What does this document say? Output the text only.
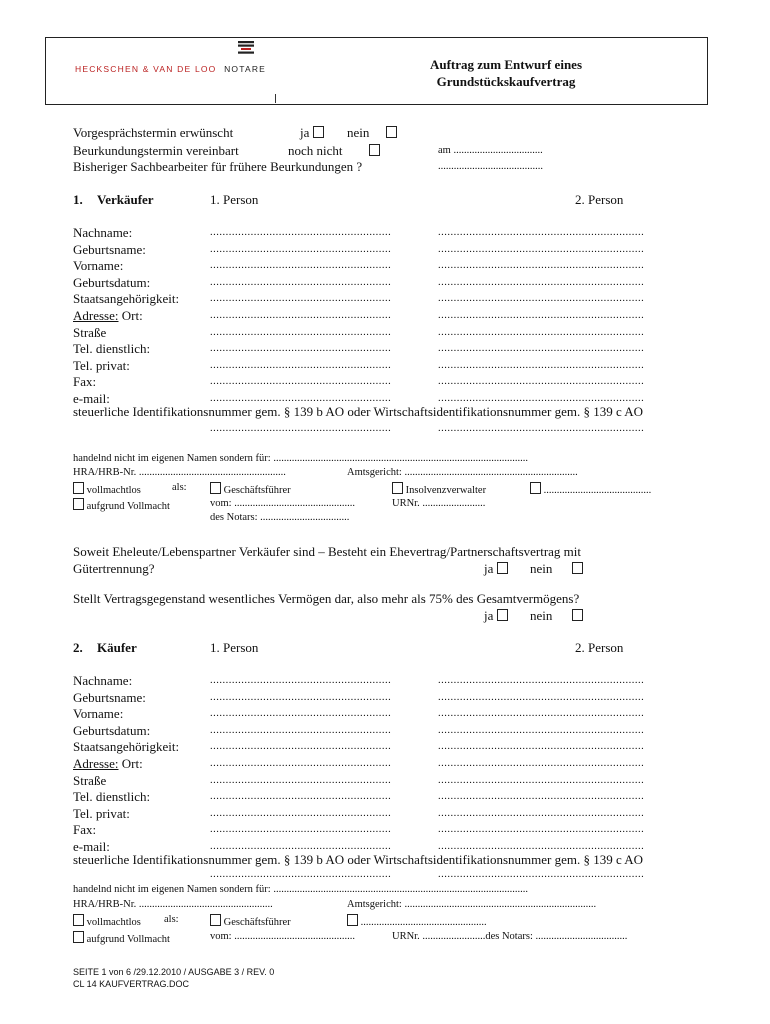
HECKSCHEN & VAN DE LOO NOTARE	Auftrag zum Entwurf eines
Grundstückskaufvertrag
Vorgesprächstermin erwünscht	ja	nein
Beurkundungstermin vereinbart	noch nicht	am ..................................
Bisheriger Sachbearbeiter für frühere Beurkundungen ?	........................................
1. Verkäufer	1. Person	2. Person
Nachname:	..........................................................	..................................................................
Geburtsname:	..........................................................	..................................................................
Vorname:	..........................................................	..................................................................
Geburtsdatum:	..........................................................	..................................................................
Staatsangehörigkeit:	..........................................................	..................................................................
Adresse: Ort:	..........................................................	..................................................................
Straße	..........................................................	..................................................................
Tel. dienstlich:	..........................................................	..................................................................
Tel. privat:	..........................................................	..................................................................
Fax:	..........................................................	..................................................................
e-mail:	..........................................................	..................................................................
steuerliche Identifikationsnummer gem. § 139 b AO oder Wirtschaftsidentifikationsnummer gem. § 139 c AO
..........................................................	..................................................................
handelnd nicht im eigenen Namen sondern für: .................................................................................................
HRA/HRB-Nr. ........................................................	Amtsgericht: ..................................................................
vollmachtlos	als:	Geschäftsführer	Insolvenzverwalter	.........................................
aufgrund Vollmacht	vom: ..............................................	URNr. ........................
des Notars: ..................................
Soweit Eheleute/Lebenspartner Verkäufer sind – Besteht ein Ehevertrag/Partnerschaftsvertrag mit
Gütertrennung?	ja	nein
Stellt Vertragsgegenstand wesentliches Vermögen dar, also mehr als 75% des Gesamtvermögens?
ja	nein
2. Käufer	1. Person	2. Person
Nachname:	..........................................................	..................................................................
Geburtsname:	..........................................................	..................................................................
Vorname:	..........................................................	..................................................................
Geburtsdatum:	..........................................................	..................................................................
Staatsangehörigkeit:	..........................................................	..................................................................
Adresse: Ort:	..........................................................	..................................................................
Straße	..........................................................	..................................................................
Tel. dienstlich:	..........................................................	..................................................................
Tel. privat:	..........................................................	..................................................................
Fax:	..........................................................	..................................................................
e-mail:	..........................................................	..................................................................
steuerliche Identifikationsnummer gem. § 139 b AO oder Wirtschaftsidentifikationsnummer gem. § 139 c AO
..........................................................	..................................................................
handelnd nicht im eigenen Namen sondern für: .................................................................................................
HRA/HRB-Nr. ...................................................	Amtsgericht: .........................................................................
vollmachtlos als:	Geschäftsführer	................................................
aufgrund Vollmacht	vom: ..............................................	URNr. ........................des Notars: ...................................
SEITE 1 von 6 /29.12.2010 / AUSGABE 3 / REV. 0
CL 14 KAUFVERTRAG.DOC
